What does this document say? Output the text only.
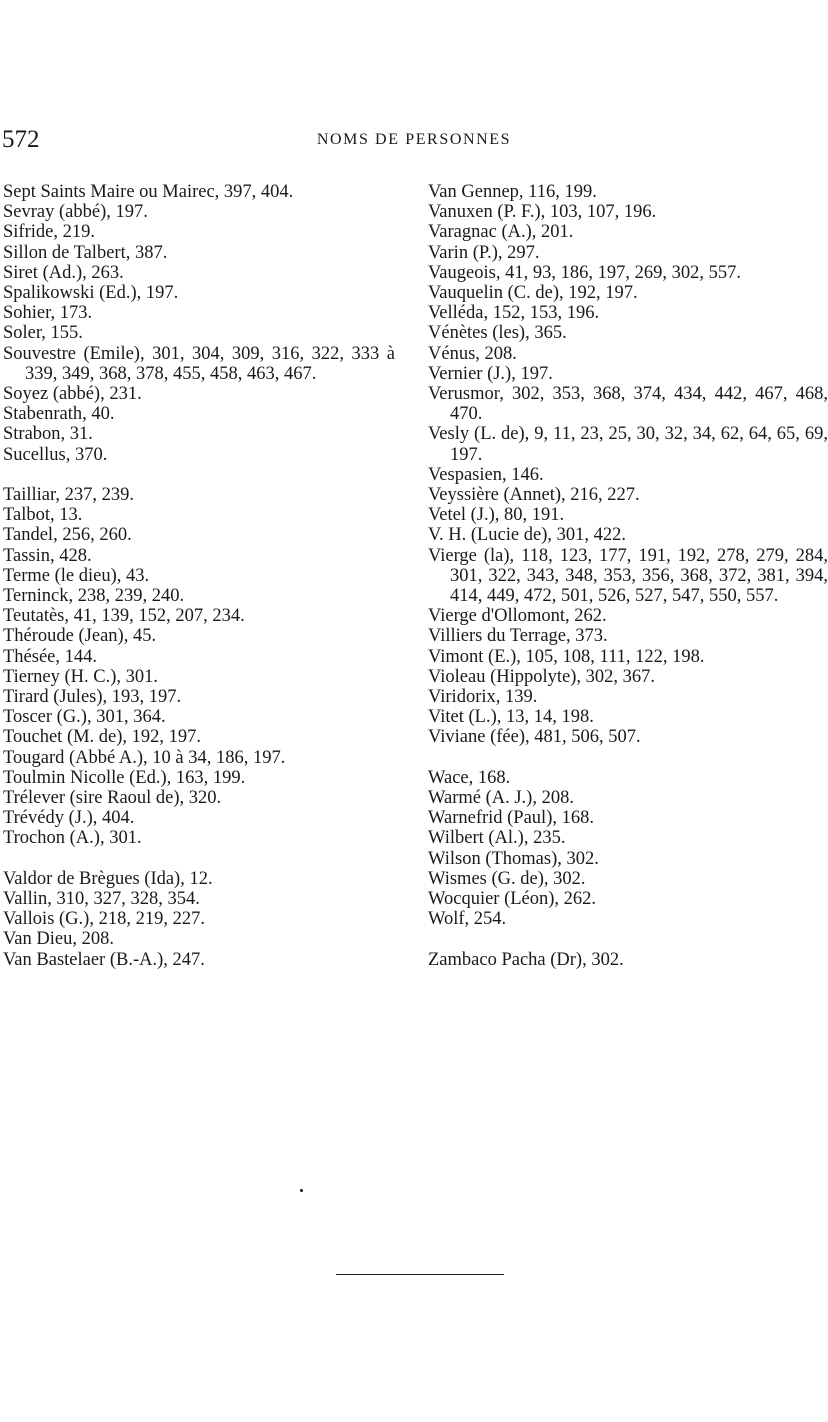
572	NOMS DE PERSONNES
Sept Saints Maire ou Mairec, 397, 404.
Sevray (abbé), 197.
Sifride, 219.
Sillon de Talbert, 387.
Siret (Ad.), 263.
Spalikowski (Ed.), 197.
Sohier, 173.
Soler, 155.
Souvestre (Emile), 301, 304, 309, 316, 322, 333 à 339, 349, 368, 378, 455, 458, 463, 467.
Soyez (abbé), 231.
Stabenrath, 40.
Strabon, 31.
Sucellus, 370.
Tailliar, 237, 239.
Talbot, 13.
Tandel, 256, 260.
Tassin, 428.
Terme (le dieu), 43.
Terninck, 238, 239, 240.
Teutatès, 41, 139, 152, 207, 234.
Théroude (Jean), 45.
Thésée, 144.
Tierney (H. C.), 301.
Tirard (Jules), 193, 197.
Toscer (G.), 301, 364.
Touchet (M. de), 192, 197.
Tougard (Abbé A.), 10 à 34, 186, 197.
Toulmin Nicolle (Ed.), 163, 199.
Trélever (sire Raoul de), 320.
Trévédy (J.), 404.
Trochon (A.), 301.
Valdor de Brègues (Ida), 12.
Vallin, 310, 327, 328, 354.
Vallois (G.), 218, 219, 227.
Van Dieu, 208.
Van Bastelaer (B.-A.), 247.
Van Gennep, 116, 199.
Vanuxen (P. F.), 103, 107, 196.
Varagnac (A.), 201.
Varin (P.), 297.
Vaugeois, 41, 93, 186, 197, 269, 302, 557.
Vauquelin (C. de), 192, 197.
Velléda, 152, 153, 196.
Vénètes (les), 365.
Vénus, 208.
Vernier (J.), 197.
Verusmor, 302, 353, 368, 374, 434, 442, 467, 468, 470.
Vesly (L. de), 9, 11, 23, 25, 30, 32, 34, 62, 64, 65, 69, 197.
Vespasien, 146.
Veyssière (Annet), 216, 227.
Vetel (J.), 80, 191.
V. H. (Lucie de), 301, 422.
Vierge (la), 118, 123, 177, 191, 192, 278, 279, 284, 301, 322, 343, 348, 353, 356, 368, 372, 381, 394, 414, 449, 472, 501, 526, 527, 547, 550, 557.
Vierge d'Ollomont, 262.
Villiers du Terrage, 373.
Vimont (E.), 105, 108, 111, 122, 198.
Violeau (Hippolyte), 302, 367.
Viridorix, 139.
Vitet (L.), 13, 14, 198.
Viviane (fée), 481, 506, 507.
Wace, 168.
Warmé (A. J.), 208.
Warnefrid (Paul), 168.
Wilbert (Al.), 235.
Wilson (Thomas), 302.
Wismes (G. de), 302.
Wocquier (Léon), 262.
Wolf, 254.
Zambaco Pacha (Dr), 302.
